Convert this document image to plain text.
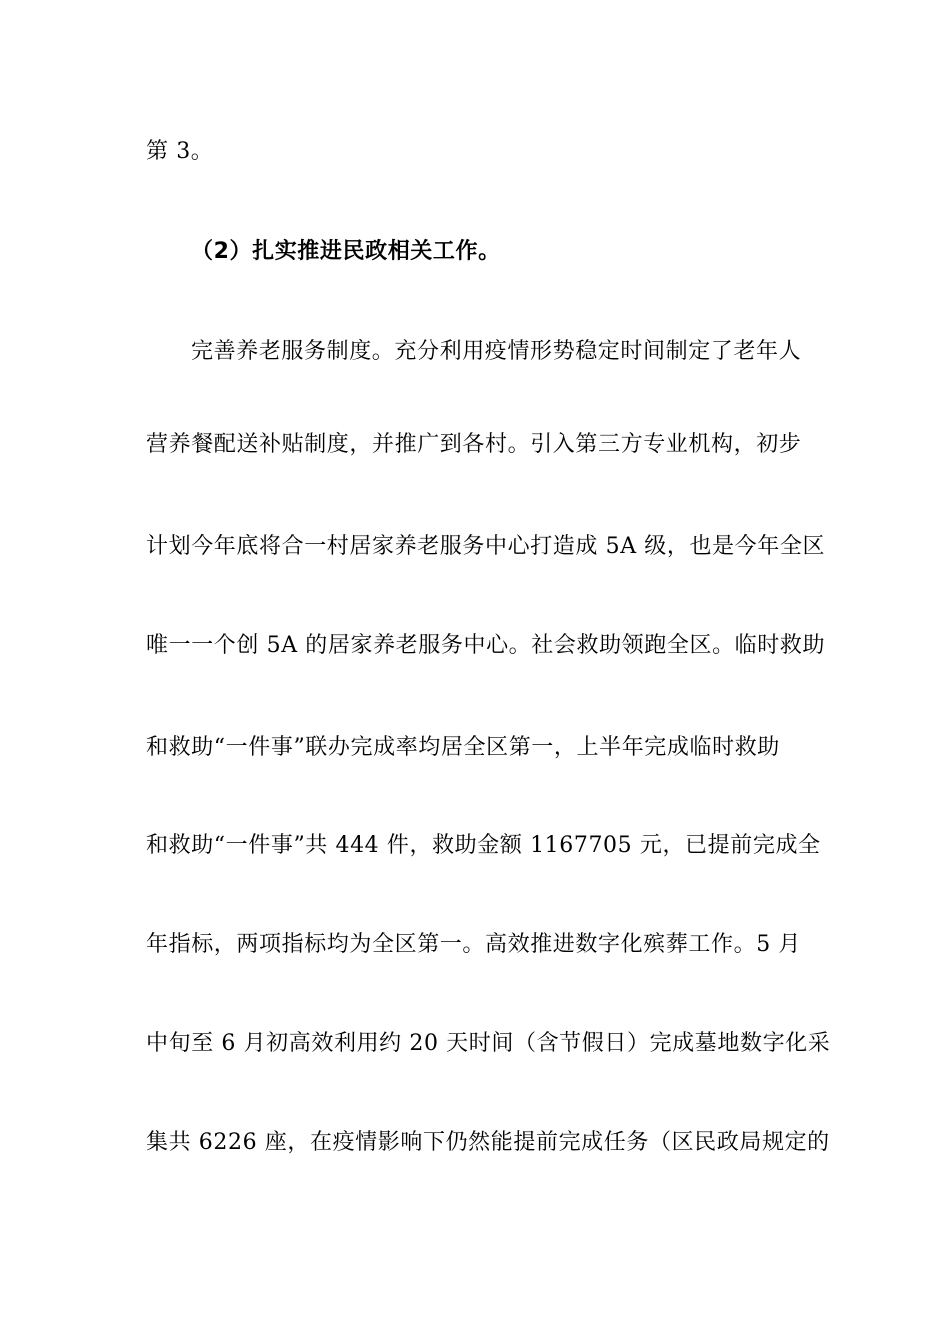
第 3。
（2）扎实推进民政相关工作。
完善养老服务制度。充分利用疫情形势稳定时间制定了老年人
营养餐配送补贴制度，并推广到各村。引入第三方专业机构，初步
计划今年底将合一村居家养老服务中心打造成 5A 级，也是今年全区
唯一一个创 5A 的居家养老服务中心。社会救助领跑全区。临时救助
和救助“一件事”联办完成率均居全区第一，上半年完成临时救助
和救助“一件事”共 444 件，救助金额 1167705 元，已提前完成全
年指标，两项指标均为全区第一。高效推进数字化殡葬工作。5 月
中旬至 6 月初高效利用约 20 天时间（含节假日）完成墓地数字化采
集共 6226 座，在疫情影响下仍然能提前完成任务（区民政局规定的
